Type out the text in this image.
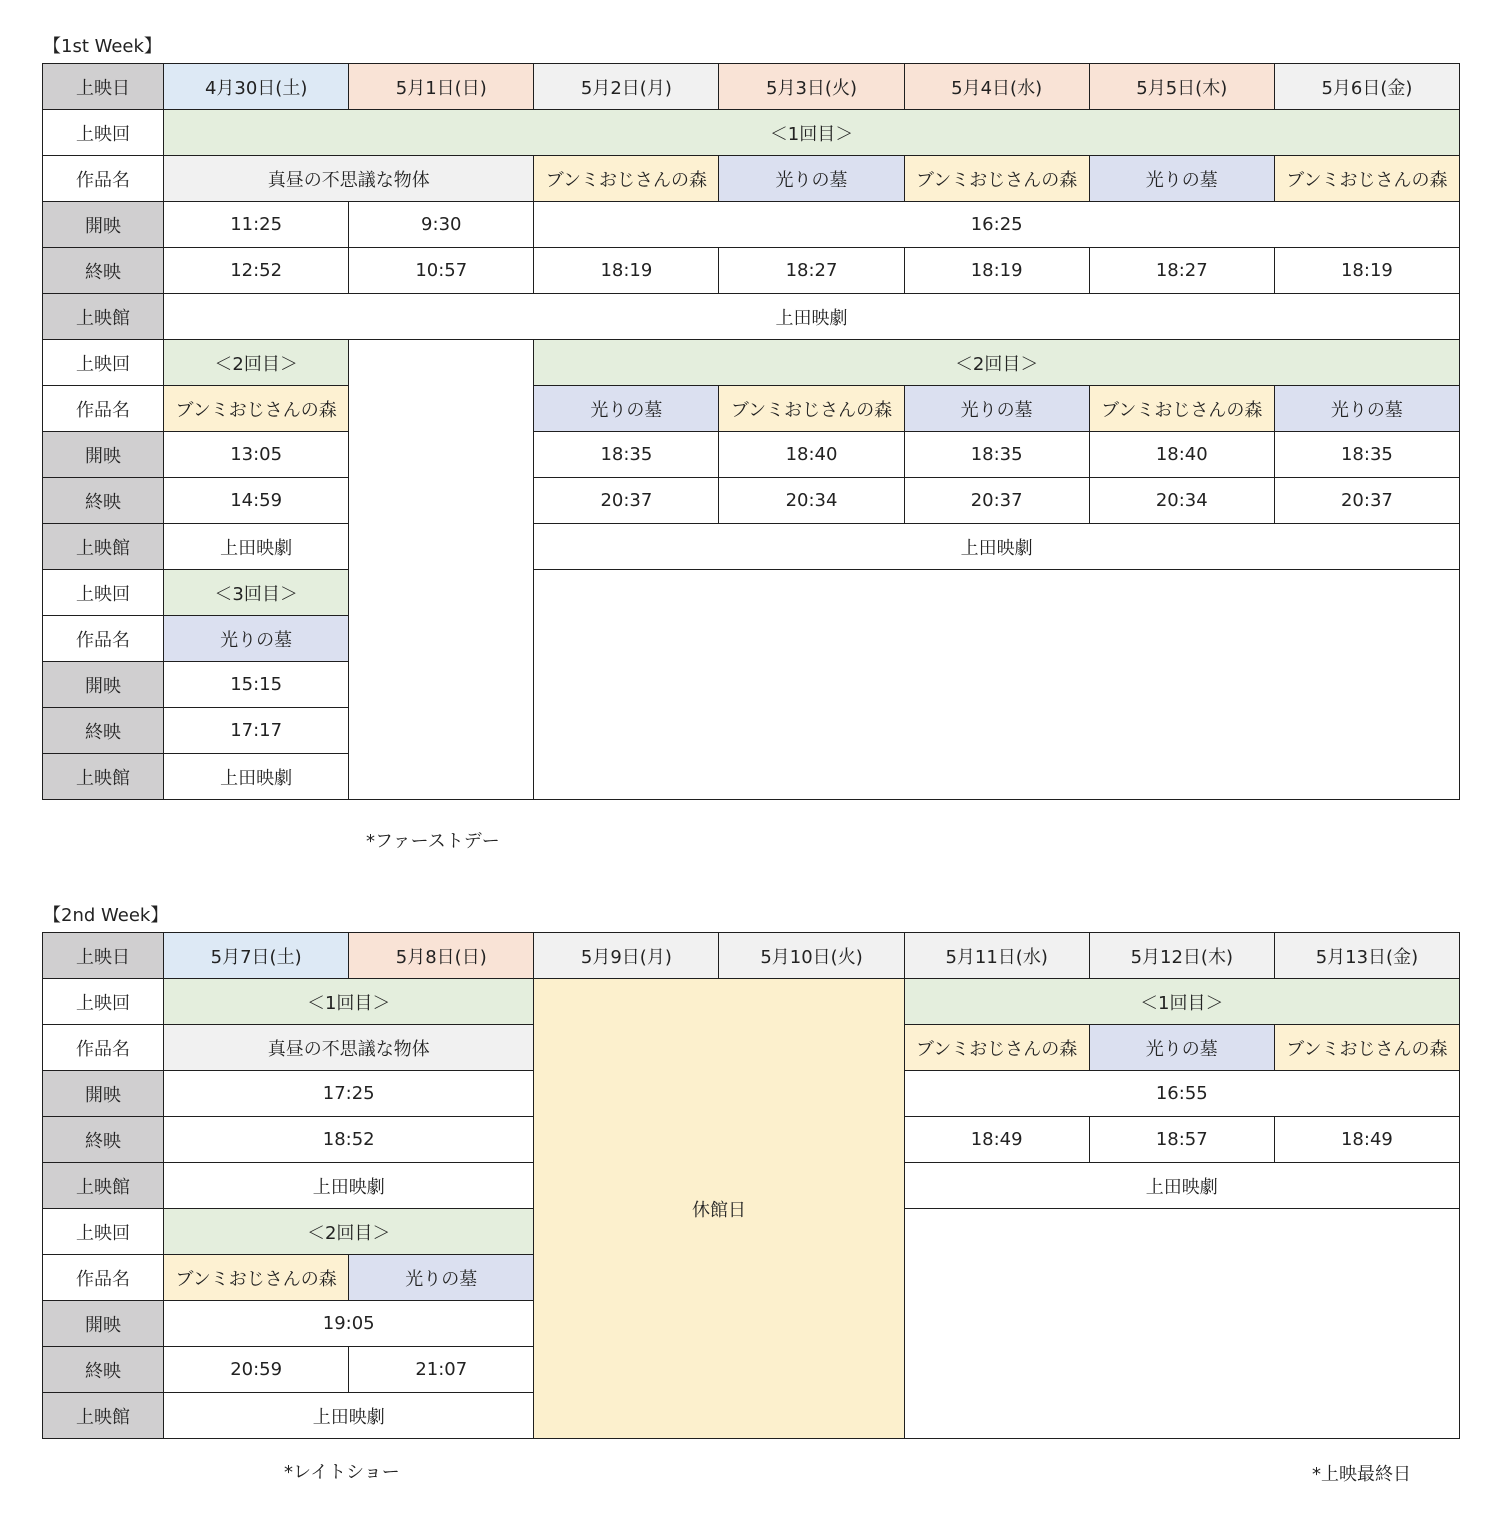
【1st Week】
上映日	4月30日(土)	5月1日(日)	5月2日(月)	5月3日(火)	5月4日(水)	5月5日(木)	5月6日(金)
上映回	＜1回目＞						
作品名	真昼の不思議な物体		ブンミおじさんの森	光りの墓	ブンミおじさんの森	光りの墓	ブンミおじさんの森
開映	11:25	9:30	16:25				
終映	12:52	10:57	18:19	18:27	18:19	18:27	18:19
上映館	上田映劇						
上映回	＜2回目＞		＜2回目＞				
作品名	ブンミおじさんの森		光りの墓	ブンミおじさんの森	光りの墓	ブンミおじさんの森	光りの墓
開映	13:05		18:35	18:40	18:35	18:40	18:35
終映	14:59		20:37	20:34	20:37	20:34	20:37
上映館	上田映劇		上田映劇				
上映回	＜3回目＞						
作品名	光りの墓						
開映	15:15						
終映	17:17						
上映館	上田映劇						
*ファーストデー
【2nd Week】
上映日	5月7日(土)	5月8日(日)	5月9日(月)	5月10日(火)	5月11日(水)	5月12日(木)	5月13日(金)
上映回	＜1回目＞		休館日		＜1回目＞		
作品名	真昼の不思議な物体				ブンミおじさんの森	光りの墓	ブンミおじさんの森
開映	17:25				16:55		
終映	18:52				18:49	18:57	18:49
上映館	上田映劇				上田映劇		
上映回	＜2回目＞						
作品名	ブンミおじさんの森	光りの墓					
開映	19:05						
終映	20:59	21:07					
上映館	上田映劇						
*レイトショー	*上映最終日
